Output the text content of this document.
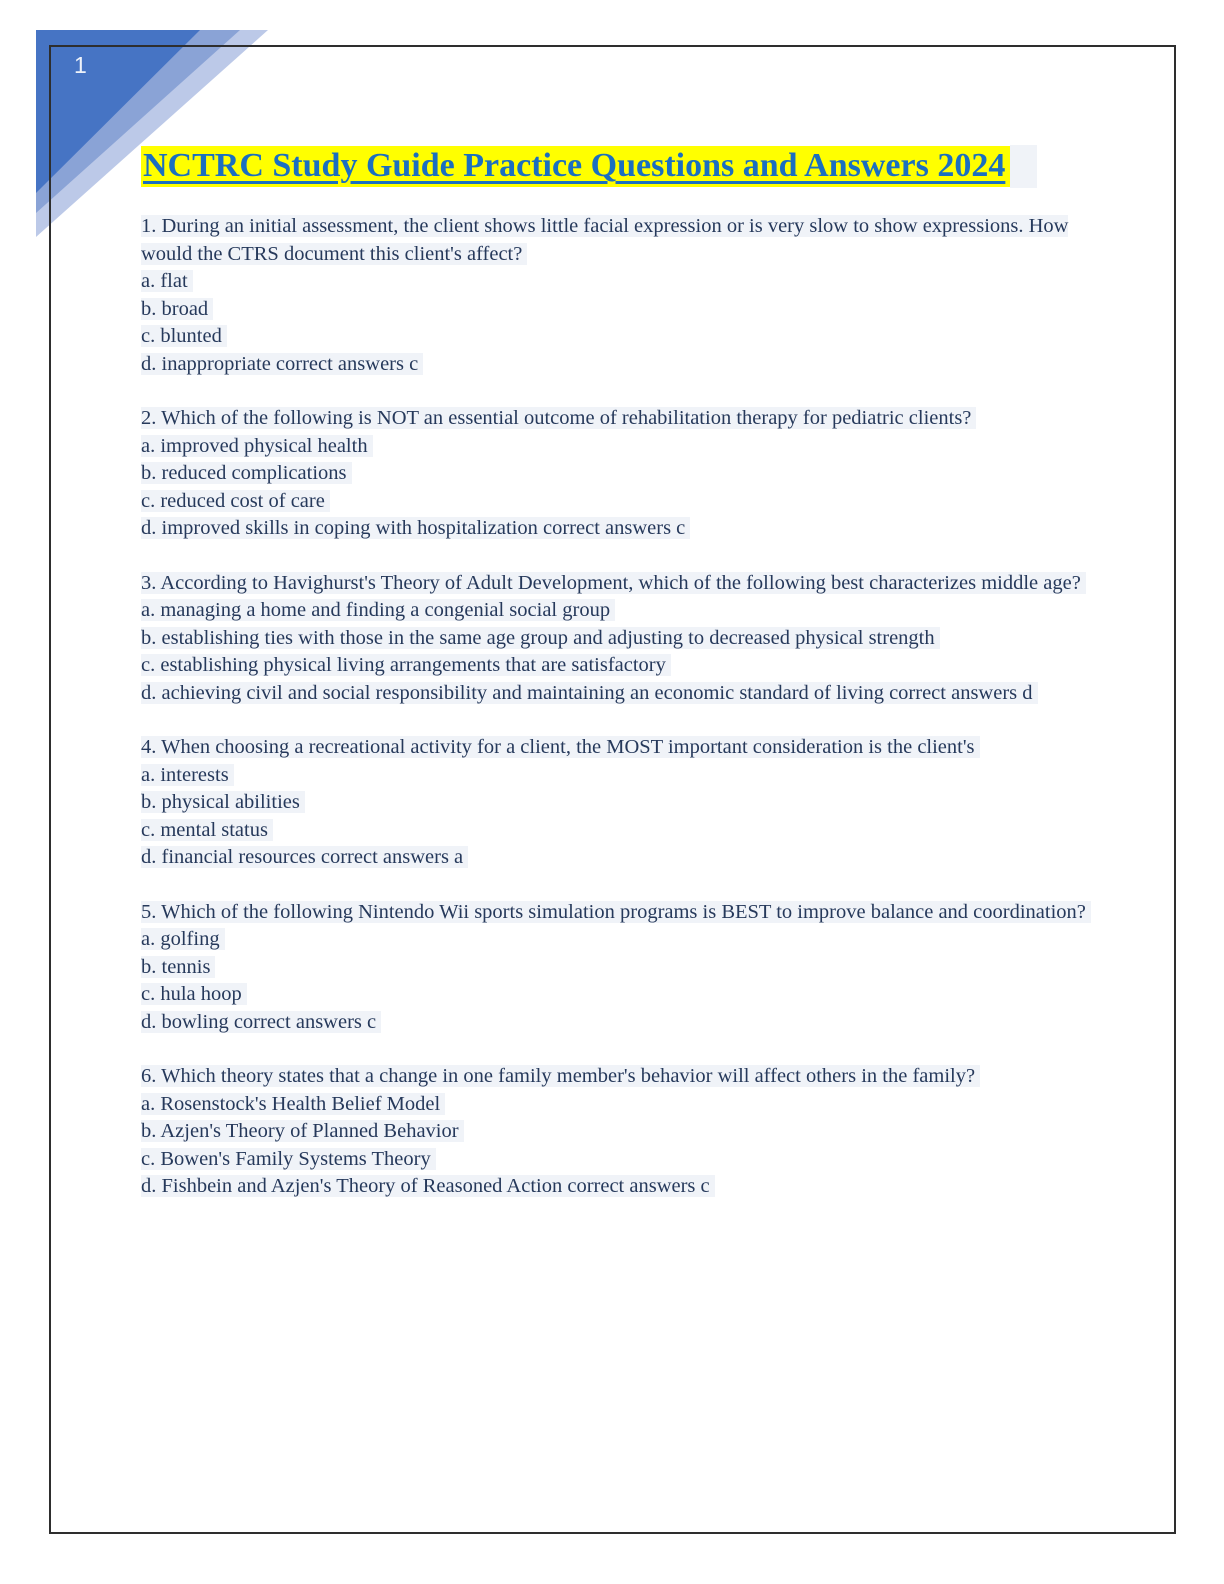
1
NCTRC Study Guide Practice Questions and Answers 2024
1. During an initial assessment, the client shows little facial expression or is very slow to show expressions. How would the CTRS document this client's affect?
a. flat
b. broad
c. blunted
d. inappropriate correct answers c
2. Which of the following is NOT an essential outcome of rehabilitation therapy for pediatric clients?
a. improved physical health
b. reduced complications
c. reduced cost of care
d. improved skills in coping with hospitalization correct answers c
3. According to Havighurst's Theory of Adult Development, which of the following best characterizes middle age?
a. managing a home and finding a congenial social group
b. establishing ties with those in the same age group and adjusting to decreased physical strength
c. establishing physical living arrangements that are satisfactory
d. achieving civil and social responsibility and maintaining an economic standard of living correct answers d
4. When choosing a recreational activity for a client, the MOST important consideration is the client's
a. interests
b. physical abilities
c. mental status
d. financial resources correct answers a
5. Which of the following Nintendo Wii sports simulation programs is BEST to improve balance and coordination?
a. golfing
b. tennis
c. hula hoop
d. bowling correct answers c
6. Which theory states that a change in one family member's behavior will affect others in the family?
a. Rosenstock's Health Belief Model
b. Azjen's Theory of Planned Behavior
c. Bowen's Family Systems Theory
d. Fishbein and Azjen's Theory of Reasoned Action correct answers c
